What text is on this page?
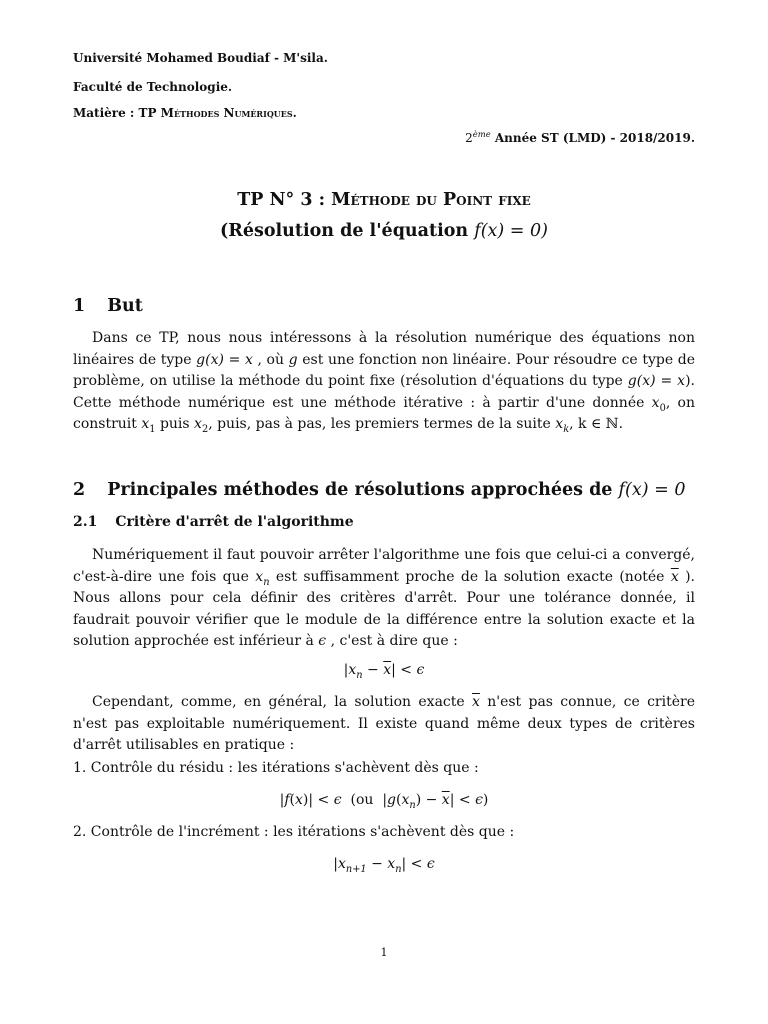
Université Mohamed Boudiaf - M'sila.
Faculté de Technologie.
Matière : TP Méthodes Numériques.
2ème Année ST (LMD) - 2018/2019.
TP N° 3 : Méthode du Point fixe
(Résolution de l'équation f(x) = 0)
1 But
Dans ce TP, nous nous intéressons à la résolution numérique des équations non linéaires de type g(x) = x , où g est une fonction non linéaire. Pour résoudre ce type de problème, on utilise la méthode du point fixe (résolution d'équations du type g(x) = x). Cette méthode numérique est une méthode itérative : à partir d'une donnée $x_0$, on construit $x_1$ puis $x_2$, puis, pas à pas, les premiers termes de la suite $x_k$, k ∈ ℕ.
2 Principales méthodes de résolutions approchées de f(x) = 0
2.1 Critère d'arrêt de l'algorithme
Numériquement il faut pouvoir arrêter l'algorithme une fois que celui-ci a convergé, c'est-à-dire une fois que $x_n$ est suffisamment proche de la solution exacte (notée $\overline{x}$ ). Nous allons pour cela définir des critères d'arrêt. Pour une tolérance donnée, il faudrait pouvoir vérifier que le module de la différence entre la solution exacte et la solution approchée est inférieur à ϵ , c'est à dire que :
$|x_n - \overline{x}| < \epsilon$
Cependant, comme, en général, la solution exacte $\overline{x}$ n'est pas connue, ce critère n'est pas exploitable numériquement. Il existe quand même deux types de critères d'arrêt utilisables en pratique :
1. Contrôle du résidu : les itérations s'achèvent dès que :
|f(x)| < ϵ (ou $|g(x_n) - \overline{x}| < \epsilon$)
2. Contrôle de l'incrément : les itérations s'achèvent dès que :
$|x_{n+1} - x_n| < \epsilon$
1
